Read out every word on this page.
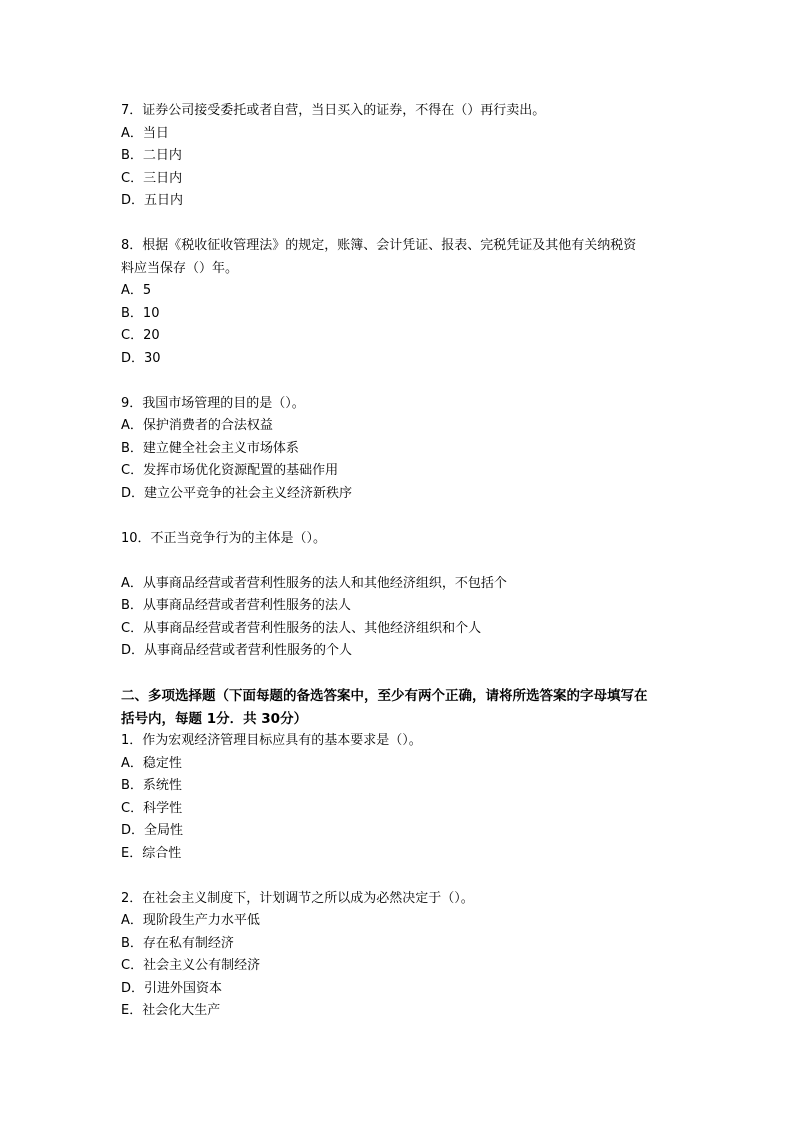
7．证券公司接受委托或者自营，当日买入的证券，不得在（）再行卖出。
A．当日
B．二日内
C．三日内
D．五日内
8．根据《税收征收管理法》的规定，账簿、会计凭证、报表、完税凭证及其他有关纳税资
料应当保存（）年。
A．5
B．10
C．20
D．30
9．我国市场管理的目的是（）。
A．保护消费者的合法权益
B．建立健全社会主义市场体系
C．发挥市场优化资源配置的基础作用
D．建立公平竞争的社会主义经济新秩序
10．不正当竞争行为的主体是（）。
A．从事商品经营或者营利性服务的法人和其他经济组织，不包括个
B．从事商品经营或者营利性服务的法人
C．从事商品经营或者营利性服务的法人、其他经济组织和个人
D．从事商品经营或者营利性服务的个人
二、多项选择题（下面每题的备选答案中，至少有两个正确，请将所选答案的字母填写在
括号内，每题 1分．共 30分）
1．作为宏观经济管理目标应具有的基本要求是（）。
A．稳定性
B．系统性
C．科学性
D．全局性
E．综合性
2．在社会主义制度下，计划调节之所以成为必然决定于（）。
A．现阶段生产力水平低
B．存在私有制经济
C．社会主义公有制经济
D．引进外国资本
E．社会化大生产
